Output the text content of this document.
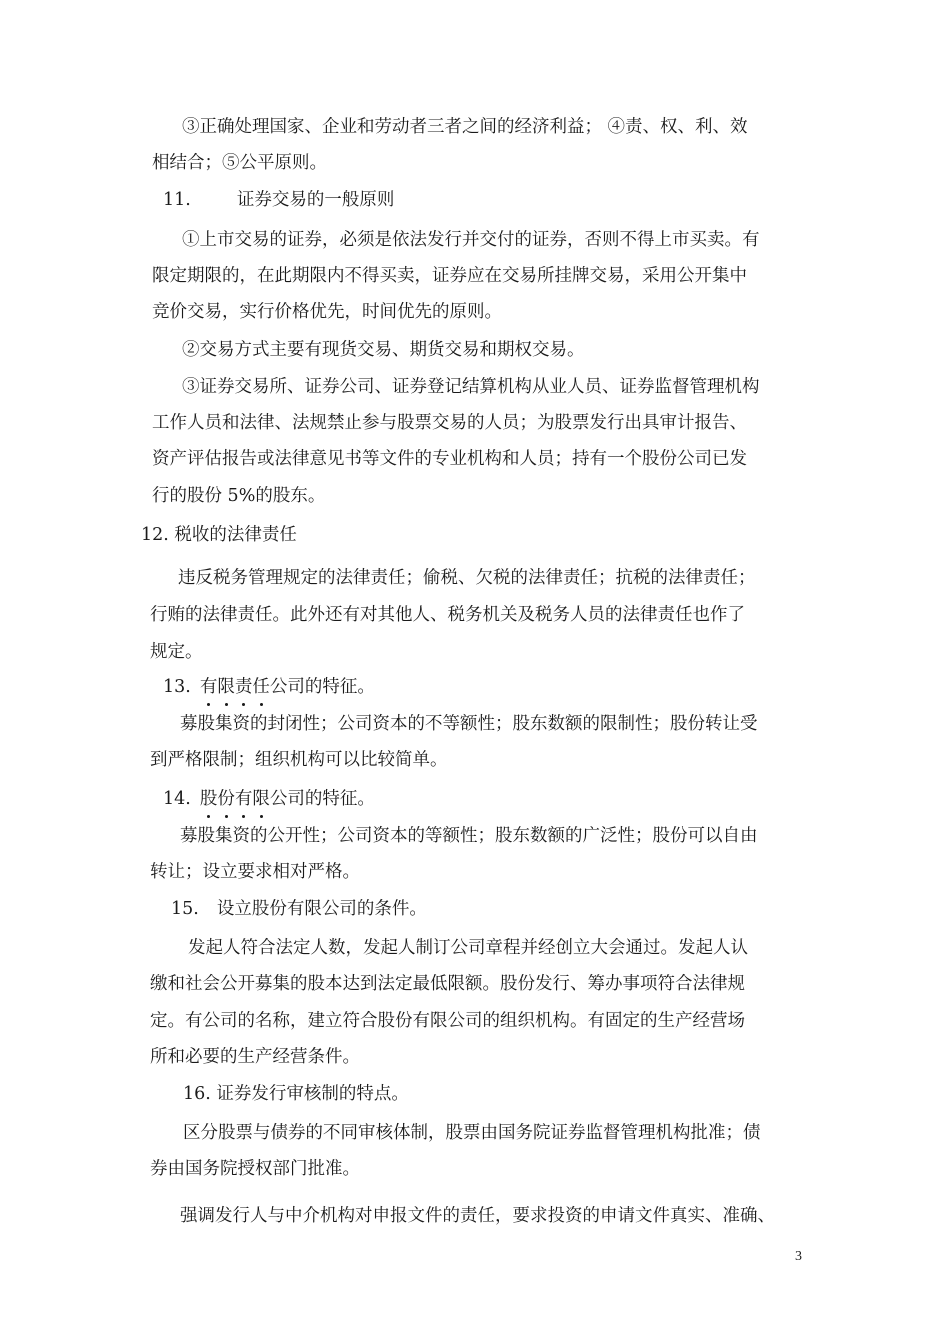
③正确处理国家、企业和劳动者三者之间的经济利益； ④责、权、利、效
相结合；⑤公平原则。
11.	证券交易的一般原则
①上市交易的证券，必须是依法发行并交付的证券，否则不得上市买卖。有
限定期限的，在此期限内不得买卖，证券应在交易所挂牌交易，采用公开集中
竞价交易，实行价格优先，时间优先的原则。
②交易方式主要有现货交易、期货交易和期权交易。
③证券交易所、证券公司、证券登记结算机构从业人员、证券监督管理机构
工作人员和法律、法规禁止参与股票交易的人员；为股票发行出具审计报告、
资产评估报告或法律意见书等文件的专业机构和人员；持有一个股份公司已发
行的股份 5%的股东。
12. 税收的法律责任
违反税务管理规定的法律责任；偷税、欠税的法律责任；抗税的法律责任；
行贿的法律责任。此外还有对其他人、税务机关及税务人员的法律责任也作了
规定。
13. 有限责任公司的特征。
募股集资的封闭性；公司资本的不等额性；股东数额的限制性；股份转让受
到严格限制；组织机构可以比较简单。
14. 股份有限公司的特征。
募股集资的公开性；公司资本的等额性；股东数额的广泛性；股份可以自由
转让；设立要求相对严格。
15. 设立股份有限公司的条件。
发起人符合法定人数，发起人制订公司章程并经创立大会通过。发起人认
缴和社会公开募集的股本达到法定最低限额。股份发行、筹办事项符合法律规
定。有公司的名称，建立符合股份有限公司的组织机构。有固定的生产经营场
所和必要的生产经营条件。
16. 证券发行审核制的特点。
区分股票与债券的不同审核体制，股票由国务院证券监督管理机构批准；债
券由国务院授权部门批准。
强调发行人与中介机构对申报文件的责任，要求投资的申请文件真实、准确、
3
